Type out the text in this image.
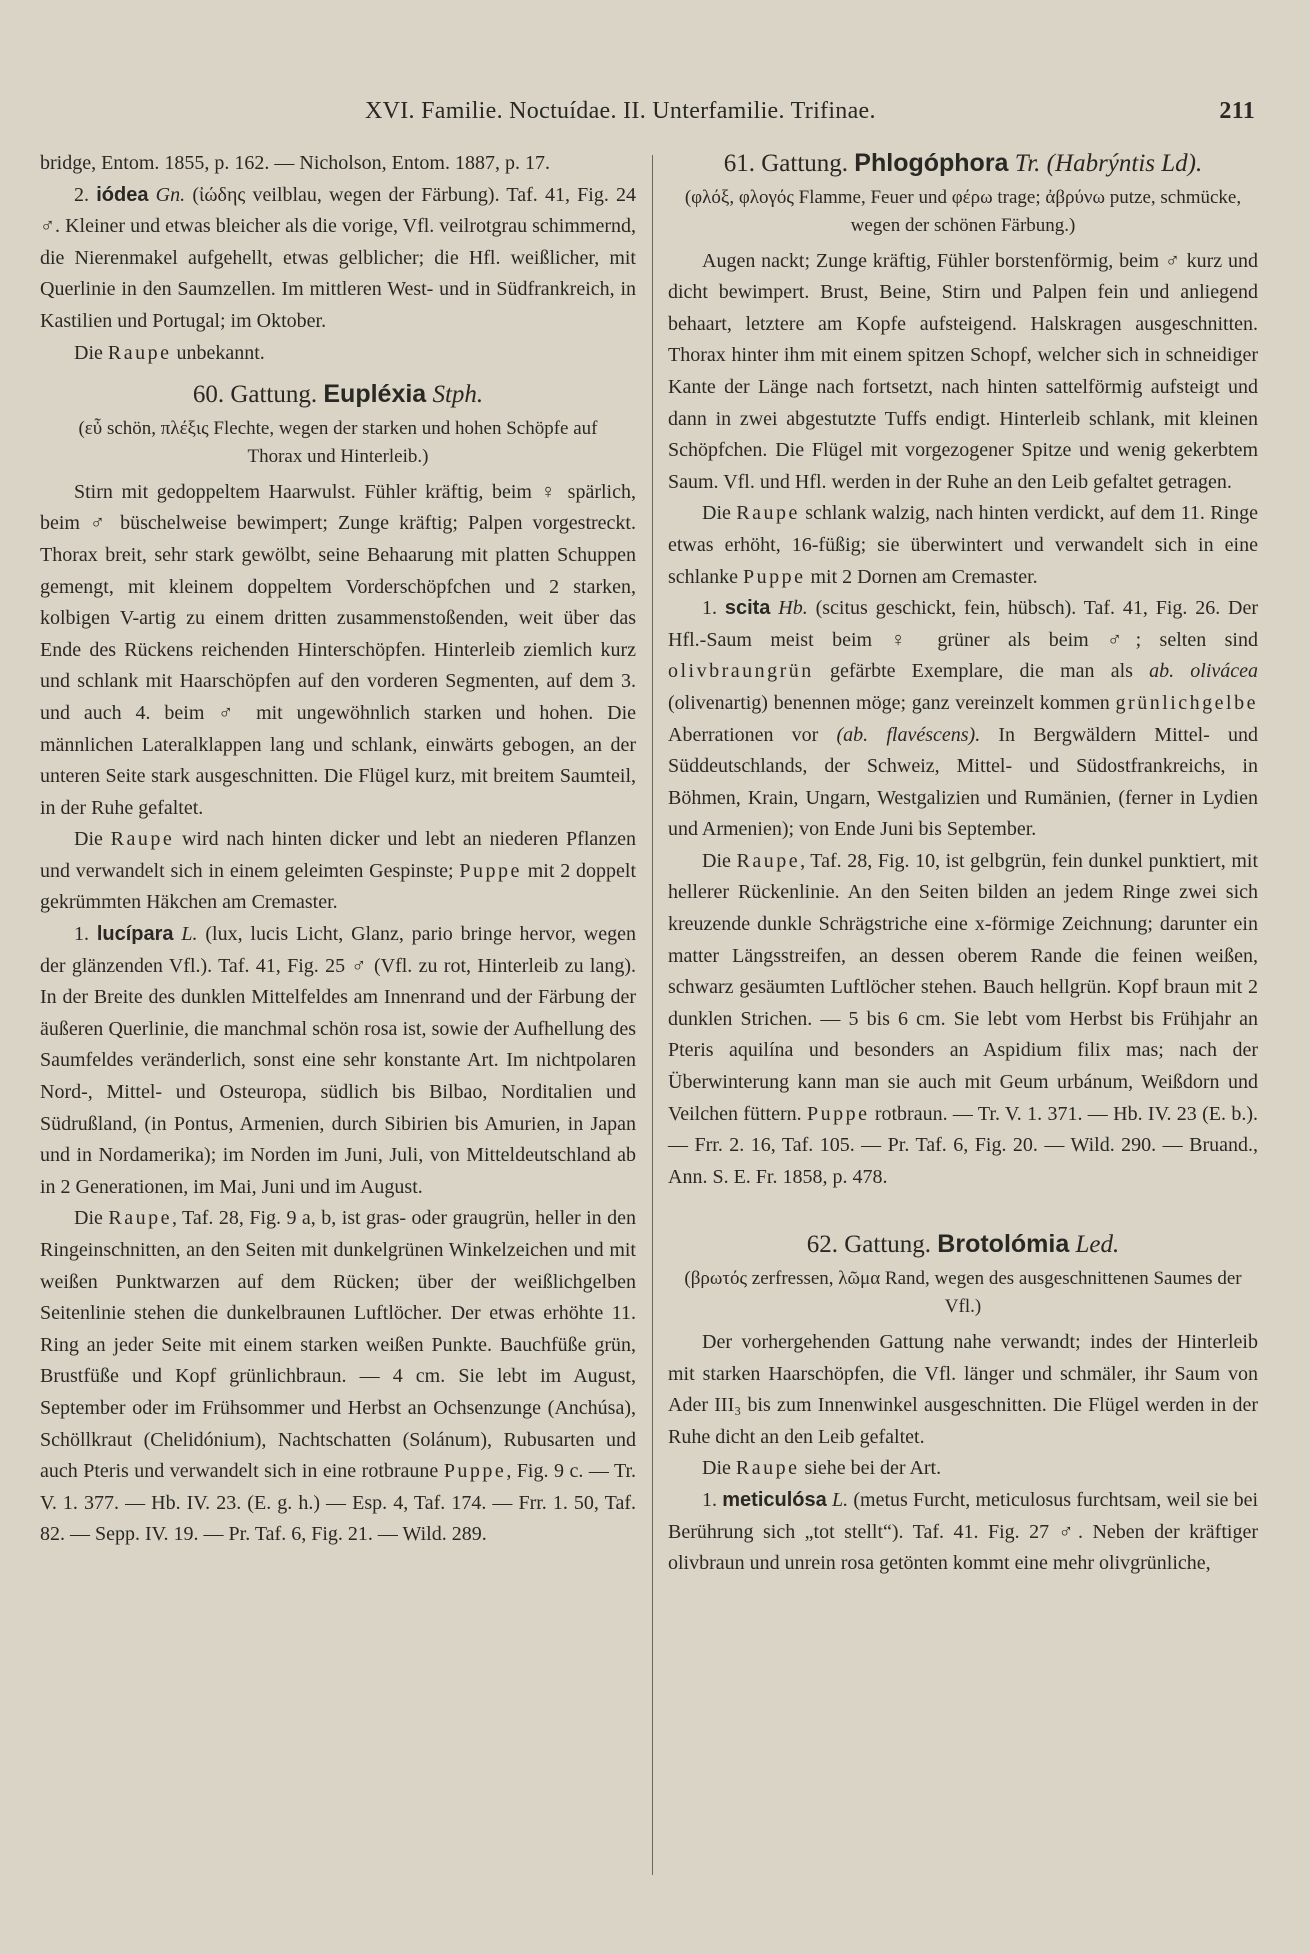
XVI. Familie. Noctuídae. II. Unterfamilie. Trifinae.	211

bridge, Entom. 1855, p. 162. — Nicholson, Entom. 1887, p. 17.

2. iódea Gn. (ἰώδης veilblau, wegen der Färbung). Taf. 41, Fig. 24 ♂. Kleiner und etwas bleicher als die vorige, Vfl. veilrotgrau schimmernd, die Nierenmakel aufgehellt, etwas gelblicher; die Hfl. weißlicher, mit Querlinie in den Saumzellen. Im mittleren West- und in Südfrankreich, in Kastilien und Portugal; im Oktober.

Die Raupe unbekannt.

60. Gattung. Eupléxia Stph.

(εὖ schön, πλέξις Flechte, wegen der starken und hohen Schöpfe auf Thorax und Hinterleib.)

Stirn mit gedoppeltem Haarwulst. Fühler kräftig, beim ♀ spärlich, beim ♂ büschelweise bewimpert; Zunge kräftig; Palpen vorgestreckt. Thorax breit, sehr stark gewölbt, seine Behaarung mit platten Schuppen gemengt, mit kleinem doppeltem Vorderschöpfchen und 2 starken, kolbigen V-artig zu einem dritten zusammenstoßenden, weit über das Ende des Rückens reichenden Hinterschöpfen. Hinterleib ziemlich kurz und schlank mit Haarschöpfen auf den vorderen Segmenten, auf dem 3. und auch 4. beim ♂ mit ungewöhnlich starken und hohen. Die männlichen Lateralklappen lang und schlank, einwärts gebogen, an der unteren Seite stark ausgeschnitten. Die Flügel kurz, mit breitem Saumteil, in der Ruhe gefaltet.

Die Raupe wird nach hinten dicker und lebt an niederen Pflanzen und verwandelt sich in einem geleimten Gespinste; Puppe mit 2 doppelt gekrümmten Häkchen am Cremaster.

1. lucípara L. (lux, lucis Licht, Glanz, pario bringe hervor, wegen der glänzenden Vfl.). Taf. 41, Fig. 25 ♂ (Vfl. zu rot, Hinterleib zu lang). In der Breite des dunklen Mittelfeldes am Innenrand und der Färbung der äußeren Querlinie, die manchmal schön rosa ist, sowie der Aufhellung des Saumfeldes veränderlich, sonst eine sehr konstante Art. Im nichtpolaren Nord-, Mittel- und Osteuropa, südlich bis Bilbao, Norditalien und Südrußland, (in Pontus, Armenien, durch Sibirien bis Amurien, in Japan und in Nordamerika); im Norden im Juni, Juli, von Mitteldeutschland ab in 2 Generationen, im Mai, Juni und im August.

Die Raupe, Taf. 28, Fig. 9 a, b, ist gras- oder graugrün, heller in den Ringeinschnitten, an den Seiten mit dunkelgrünen Winkelzeichen und mit weißen Punktwarzen auf dem Rücken; über der weißlichgelben Seitenlinie stehen die dunkelbraunen Luftlöcher. Der etwas erhöhte 11. Ring an jeder Seite mit einem starken weißen Punkte. Bauchfüße grün, Brustfüße und Kopf grünlichbraun. — 4 cm. Sie lebt im August, September oder im Frühsommer und Herbst an Ochsenzunge (Anchúsa), Schöllkraut (Chelidónium), Nachtschatten (Solánum), Rubusarten und auch Pteris und verwandelt sich in eine rotbraune Puppe, Fig. 9 c. — Tr. V. 1. 377. — Hb. IV. 23. (E. g. h.) — Esp. 4, Taf. 174. — Frr. 1. 50, Taf. 82. — Sepp. IV. 19. — Pr. Taf. 6, Fig. 21. — Wild. 289.

61. Gattung. Phlogóphora Tr. (Habrýntis Ld).

(φλόξ, φλογός Flamme, Feuer und φέρω trage; ἀβρύνω putze, schmücke, wegen der schönen Färbung.)

Augen nackt; Zunge kräftig, Fühler borstenförmig, beim ♂ kurz und dicht bewimpert. Brust, Beine, Stirn und Palpen fein und anliegend behaart, letztere am Kopfe aufsteigend. Halskragen ausgeschnitten. Thorax hinter ihm mit einem spitzen Schopf, welcher sich in schneidiger Kante der Länge nach fortsetzt, nach hinten sattelförmig aufsteigt und dann in zwei abgestutzte Tuffs endigt. Hinterleib schlank, mit kleinen Schöpfchen. Die Flügel mit vorgezogener Spitze und wenig gekerbtem Saum. Vfl. und Hfl. werden in der Ruhe an den Leib gefaltet getragen.

Die Raupe schlank walzig, nach hinten verdickt, auf dem 11. Ringe etwas erhöht, 16-füßig; sie überwintert und verwandelt sich in eine schlanke Puppe mit 2 Dornen am Cremaster.

1. scita Hb. (scitus geschickt, fein, hübsch). Taf. 41, Fig. 26. Der Hfl.-Saum meist beim ♀ grüner als beim ♂; selten sind olivbraungrün gefärbte Exemplare, die man als ab. olivácea (olivenartig) benennen möge; ganz vereinzelt kommen grünlichgelbe Aberrationen vor (ab. flavéscens). In Bergwäldern Mittel- und Süddeutschlands, der Schweiz, Mittel- und Südostfrankreichs, in Böhmen, Krain, Ungarn, Westgalizien und Rumänien, (ferner in Lydien und Armenien); von Ende Juni bis September.

Die Raupe, Taf. 28, Fig. 10, ist gelbgrün, fein dunkel punktiert, mit hellerer Rückenlinie. An den Seiten bilden an jedem Ringe zwei sich kreuzende dunkle Schrägstriche eine x-förmige Zeichnung; darunter ein matter Längsstreifen, an dessen oberem Rande die feinen weißen, schwarz gesäumten Luftlöcher stehen. Bauch hellgrün. Kopf braun mit 2 dunklen Strichen. — 5 bis 6 cm. Sie lebt vom Herbst bis Frühjahr an Pteris aquilína und besonders an Aspidium filix mas; nach der Überwinterung kann man sie auch mit Geum urbánum, Weißdorn und Veilchen füttern. Puppe rotbraun. — Tr. V. 1. 371. — Hb. IV. 23 (E. b.). — Frr. 2. 16, Taf. 105. — Pr. Taf. 6, Fig. 20. — Wild. 290. — Bruand., Ann. S. E. Fr. 1858, p. 478.

62. Gattung. Brotolómia Led.

(βρωτός zerfressen, λῶμα Rand, wegen des ausgeschnittenen Saumes der Vfl.)

Der vorhergehenden Gattung nahe verwandt; indes der Hinterleib mit starken Haarschöpfen, die Vfl. länger und schmäler, ihr Saum von Ader III₃ bis zum Innenwinkel ausgeschnitten. Die Flügel werden in der Ruhe dicht an den Leib gefaltet.

Die Raupe siehe bei der Art.

1. meticulósa L. (metus Furcht, meticulosus furchtsam, weil sie bei Berührung sich „tot stellt“). Taf. 41. Fig. 27 ♂. Neben der kräftiger olivbraun und unrein rosa getönten kommt eine mehr olivgrünliche,
